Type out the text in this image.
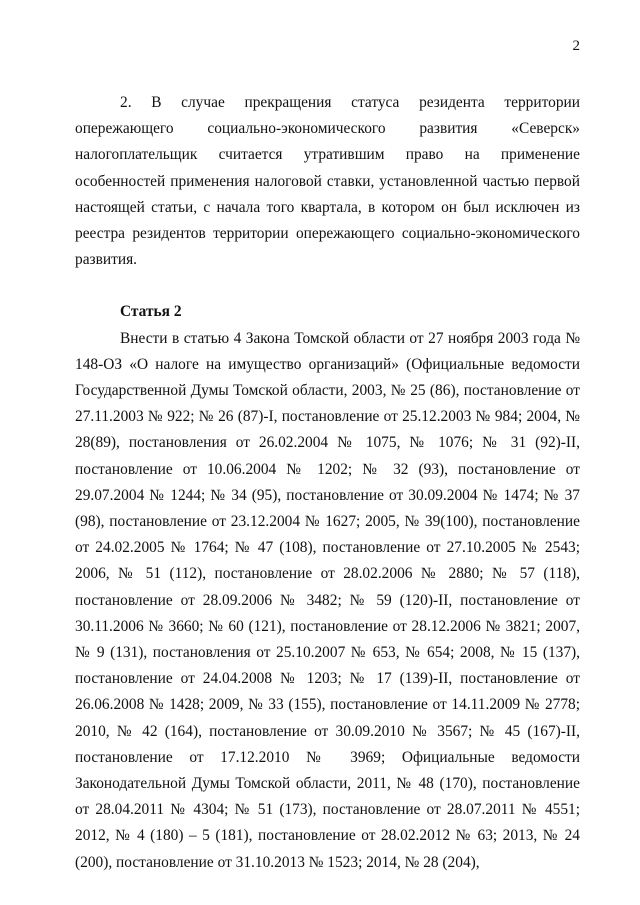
2

2. В случае прекращения статуса резидента территории опережающего социально-экономического развития «Северск» налогоплательщик считается утратившим право на применение особенностей применения налоговой ставки, установленной частью первой настоящей статьи, с начала того квартала, в котором он был исключен из реестра резидентов территории опережающего социально-экономического развития.

Статья 2

Внести в статью 4 Закона Томской области от 27 ноября 2003 года № 148-ОЗ «О налоге на имущество организаций» (Официальные ведомости Государственной Думы Томской области, 2003, № 25 (86), постановление от 27.11.2003 № 922; № 26 (87)-I, постановление от 25.12.2003 № 984; 2004, № 28(89), постановления от 26.02.2004 № 1075, № 1076; № 31 (92)-II, постановление от 10.06.2004 № 1202; № 32 (93), постановление от 29.07.2004 № 1244; № 34 (95), постановление от 30.09.2004 № 1474; № 37 (98), постановление от 23.12.2004 № 1627; 2005, № 39(100), постановление от 24.02.2005 № 1764; № 47 (108), постановление от 27.10.2005 № 2543; 2006, № 51 (112), постановление от 28.02.2006 № 2880; № 57 (118), постановление от 28.09.2006 № 3482; № 59 (120)-II, постановление от 30.11.2006 № 3660; № 60 (121), постановление от 28.12.2006 № 3821; 2007, № 9 (131), постановления от 25.10.2007 № 653, № 654; 2008, № 15 (137), постановление от 24.04.2008 № 1203; № 17 (139)-II, постановление от 26.06.2008 № 1428; 2009, № 33 (155), постановление от 14.11.2009 № 2778; 2010, № 42 (164), постановление от 30.09.2010 № 3567; № 45 (167)-II, постановление от 17.12.2010 № 3969; Официальные ведомости Законодательной Думы Томской области, 2011, № 48 (170), постановление от 28.04.2011 № 4304; № 51 (173), постановление от 28.07.2011 № 4551; 2012, № 4 (180) – 5 (181), постановление от 28.02.2012 № 63; 2013, № 24 (200), постановление от 31.10.2013 № 1523; 2014, № 28 (204),
